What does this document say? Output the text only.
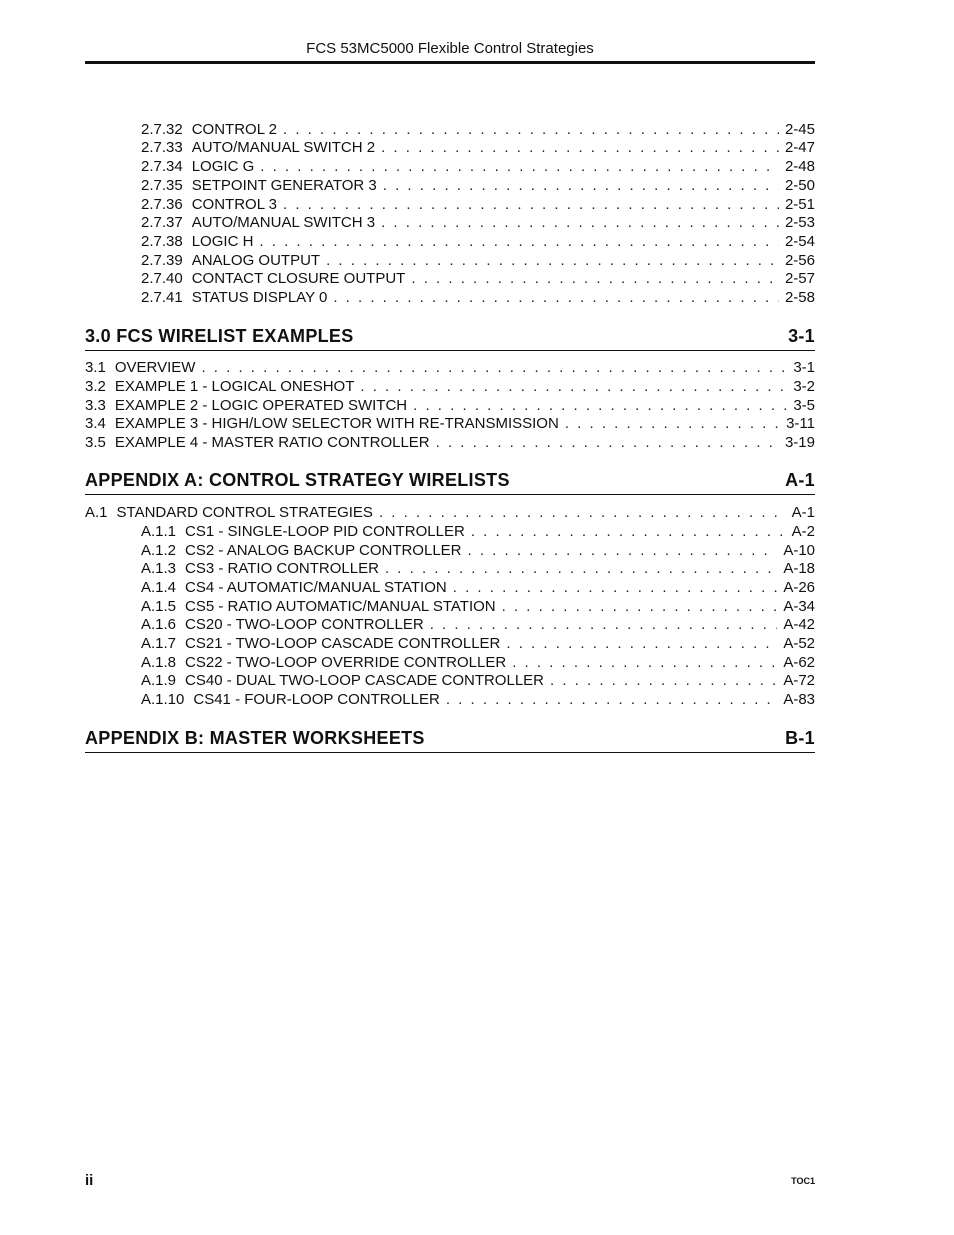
FCS 53MC5000 Flexible Control Strategies
2.7.32 CONTROL 2 . . .	2-45
2.7.33 AUTO/MANUAL SWITCH 2 . . .	2-47
2.7.34 LOGIC G . . .	2-48
2.7.35 SETPOINT GENERATOR 3 . . .	2-50
2.7.36 CONTROL 3 . . .	2-51
2.7.37 AUTO/MANUAL SWITCH 3 . . .	2-53
2.7.38 LOGIC H . . .	2-54
2.7.39 ANALOG OUTPUT . . .	2-56
2.7.40 CONTACT CLOSURE OUTPUT . . .	2-57
2.7.41 STATUS DISPLAY 0 . . .	2-58
3.0 FCS WIRELIST EXAMPLES	3-1
3.1 OVERVIEW . . .	3-1
3.2 EXAMPLE 1 - LOGICAL ONESHOT . . .	3-2
3.3 EXAMPLE 2 - LOGIC OPERATED SWITCH . . .	3-5
3.4 EXAMPLE 3 - HIGH/LOW SELECTOR WITH RE-TRANSMISSION . . .	3-11
3.5 EXAMPLE 4 - MASTER RATIO CONTROLLER . . .	3-19
APPENDIX A: CONTROL STRATEGY WIRELISTS	A-1
A.1 STANDARD CONTROL STRATEGIES . . .	A-1
A.1.1 CS1 - SINGLE-LOOP PID CONTROLLER . . .	A-2
A.1.2 CS2 - ANALOG BACKUP CONTROLLER . . .	A-10
A.1.3 CS3 - RATIO CONTROLLER . . .	A-18
A.1.4 CS4 - AUTOMATIC/MANUAL STATION . . .	A-26
A.1.5 CS5 - RATIO AUTOMATIC/MANUAL STATION . . .	A-34
A.1.6 CS20 - TWO-LOOP CONTROLLER . . .	A-42
A.1.7 CS21 - TWO-LOOP CASCADE CONTROLLER . . .	A-52
A.1.8 CS22 - TWO-LOOP OVERRIDE CONTROLLER . . .	A-62
A.1.9 CS40 - DUAL TWO-LOOP CASCADE CONTROLLER . . .	A-72
A.1.10 CS41 - FOUR-LOOP CONTROLLER . . .	A-83
APPENDIX B: MASTER WORKSHEETS	B-1
ii	TOC1
